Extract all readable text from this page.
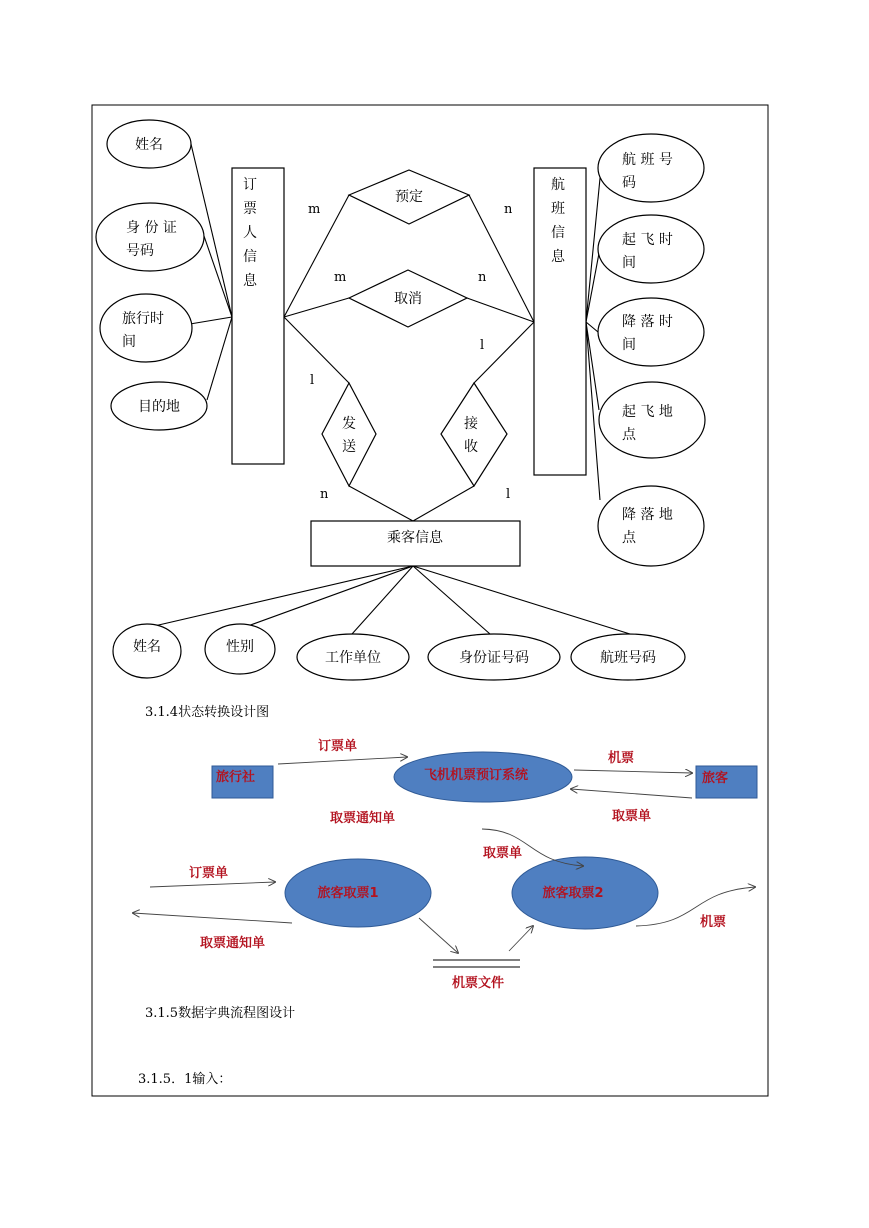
姓名
身 份 证
号码
旅行时
间
目的地
订
票
人
信
息
航
班
信
息
航 班 号
码
起 飞 时
间
降 落 时
间
起 飞 地
点
降 落 地
点
预定
取消
发
送
接
收
m	n
m	n
l
n
l
l
乘客信息
姓名	性别
工作单位	身份证号码	航班号码
3.1.4状态转换设计图
旅行社	飞机机票预订系统	旅客
订票单
机票
取票单
取票通知单
旅客取票1	旅客取票2
取票单
订票单
取票通知单
机票文件
机票
3.1.5数据字典流程图设计
3.1.5．1输入：
